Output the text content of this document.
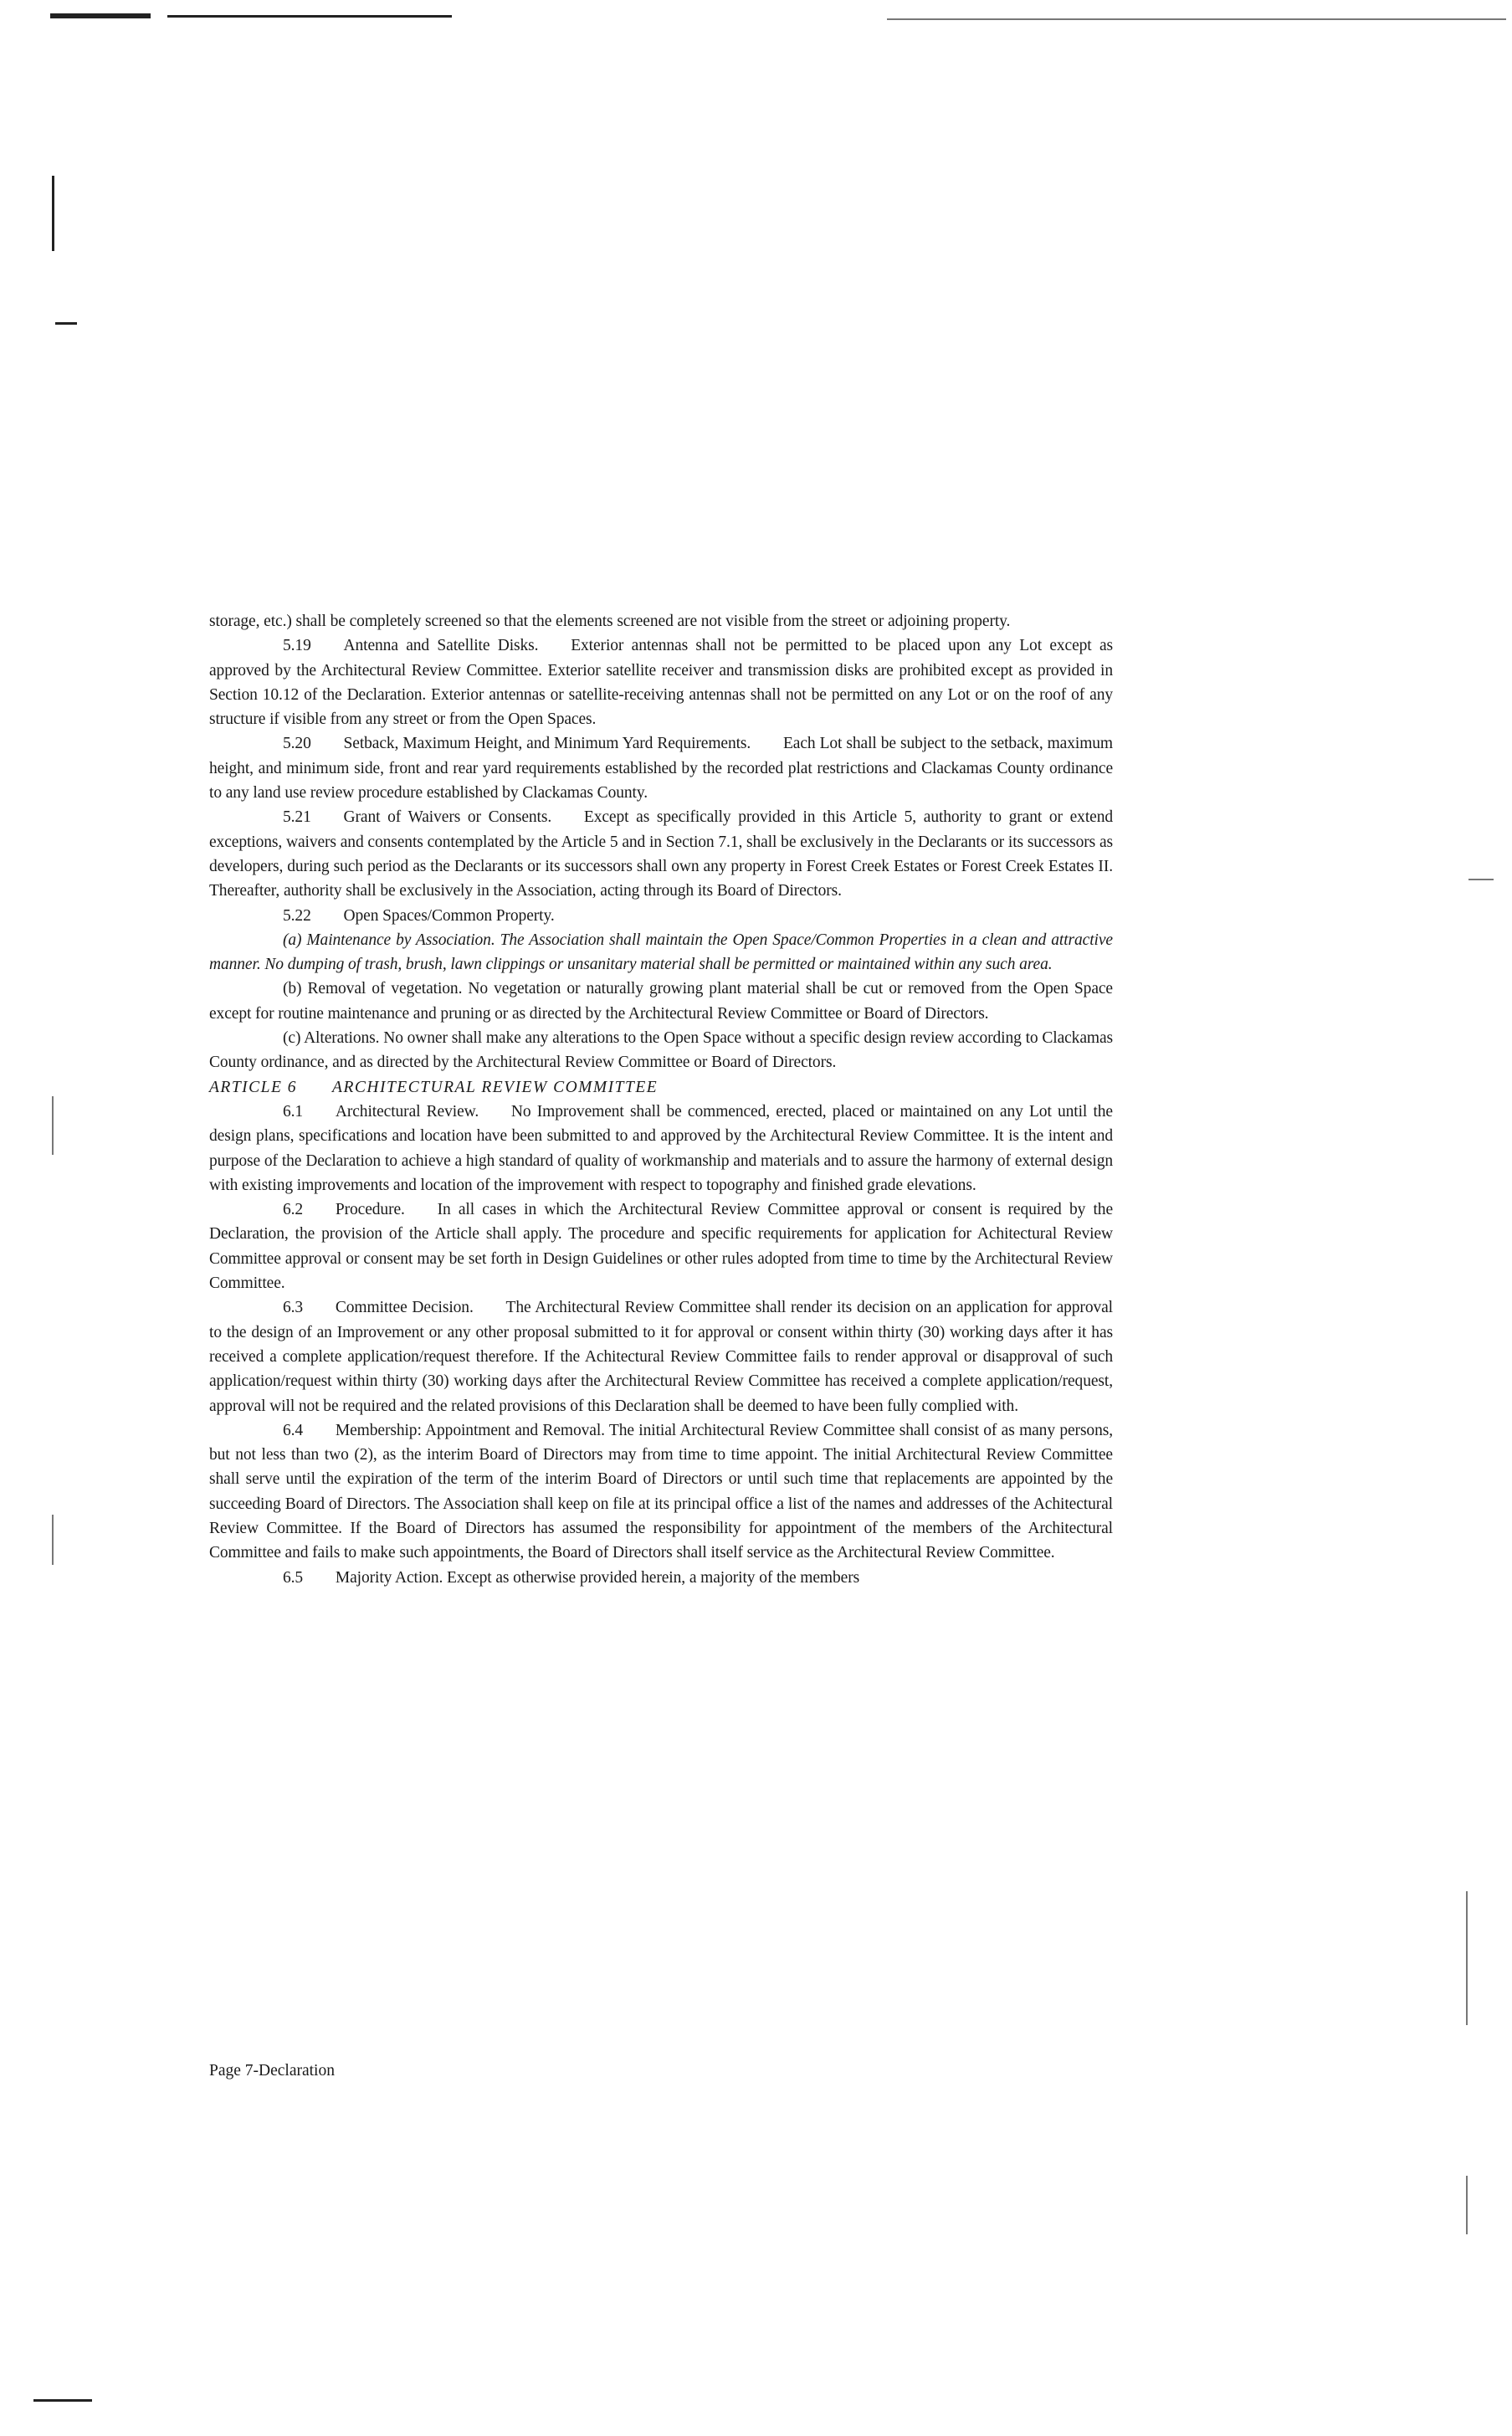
storage, etc.) shall be completely screened so that the elements screened are not visible from the street or adjoining property.

5.19  Antenna and Satellite Disks.  Exterior antennas shall not be permitted to be placed upon any Lot except as approved by the Architectural Review Committee. Exterior satellite receiver and transmission disks are prohibited except as provided in Section 10.12 of the Declaration. Exterior antennas or satellite-receiving antennas shall not be permitted on any Lot or on the roof of any structure if visible from any street or from the Open Spaces.

5.20  Setback, Maximum Height, and Minimum Yard Requirements.  Each Lot shall be subject to the setback, maximum height, and minimum side, front and rear yard requirements established by the recorded plat restrictions and Clackamas County ordinance to any land use review procedure established by Clackamas County.

5.21  Grant of Waivers or Consents.  Except as specifically provided in this Article 5, authority to grant or extend exceptions, waivers and consents contemplated by the Article 5 and in Section 7.1, shall be exclusively in the Declarants or its successors as developers, during such period as the Declarants or its successors shall own any property in Forest Creek Estates or Forest Creek Estates II. Thereafter, authority shall be exclusively in the Association, acting through its Board of Directors.

5.22  Open Spaces/Common Property.

(a) Maintenance by Association. The Association shall maintain the Open Space/Common Properties in a clean and attractive manner. No dumping of trash, brush, lawn clippings or unsanitary material shall be permitted or maintained within any such area.

(b) Removal of vegetation. No vegetation or naturally growing plant material shall be cut or removed from the Open Space except for routine maintenance and pruning or as directed by the Architectural Review Committee or Board of Directors.

(c) Alterations. No owner shall make any alterations to the Open Space without a specific design review according to Clackamas County ordinance, and as directed by the Architectural Review Committee or Board of Directors.

ARTICLE 6  ARCHITECTURAL REVIEW COMMITTEE

6.1  Architectural Review.  No Improvement shall be commenced, erected, placed or maintained on any Lot until the design plans, specifications and location have been submitted to and approved by the Architectural Review Committee. It is the intent and purpose of the Declaration to achieve a high standard of quality of workmanship and materials and to assure the harmony of external design with existing improvements and location of the improvement with respect to topography and finished grade elevations.

6.2  Procedure.  In all cases in which the Architectural Review Committee approval or consent is required by the Declaration, the provision of the Article shall apply. The procedure and specific requirements for application for Achitectural Review Committee approval or consent may be set forth in Design Guidelines or other rules adopted from time to time by the Architectural Review Committee.

6.3  Committee Decision.  The Architectural Review Committee shall render its decision on an application for approval to the design of an Improvement or any other proposal submitted to it for approval or consent within thirty (30) working days after it has received a complete application/request therefore. If the Achitectural Review Committee fails to render approval or disapproval of such application/request within thirty (30) working days after the Architectural Review Committee has received a complete application/request, approval will not be required and the related provisions of this Declaration shall be deemed to have been fully complied with.

6.4  Membership: Appointment and Removal. The initial Architectural Review Committee shall consist of as many persons, but not less than two (2), as the interim Board of Directors may from time to time appoint. The initial Architectural Review Committee shall serve until the expiration of the term of the interim Board of Directors or until such time that replacements are appointed by the succeeding Board of Directors. The Association shall keep on file at its principal office a list of the names and addresses of the Achitectural Review Committee. If the Board of Directors has assumed the responsibility for appointment of the members of the Architectural Committee and fails to make such appointments, the Board of Directors shall itself service as the Architectural Review Committee.

6.5  Majority Action. Except as otherwise provided herein, a majority of the members

Page 7-Declaration
